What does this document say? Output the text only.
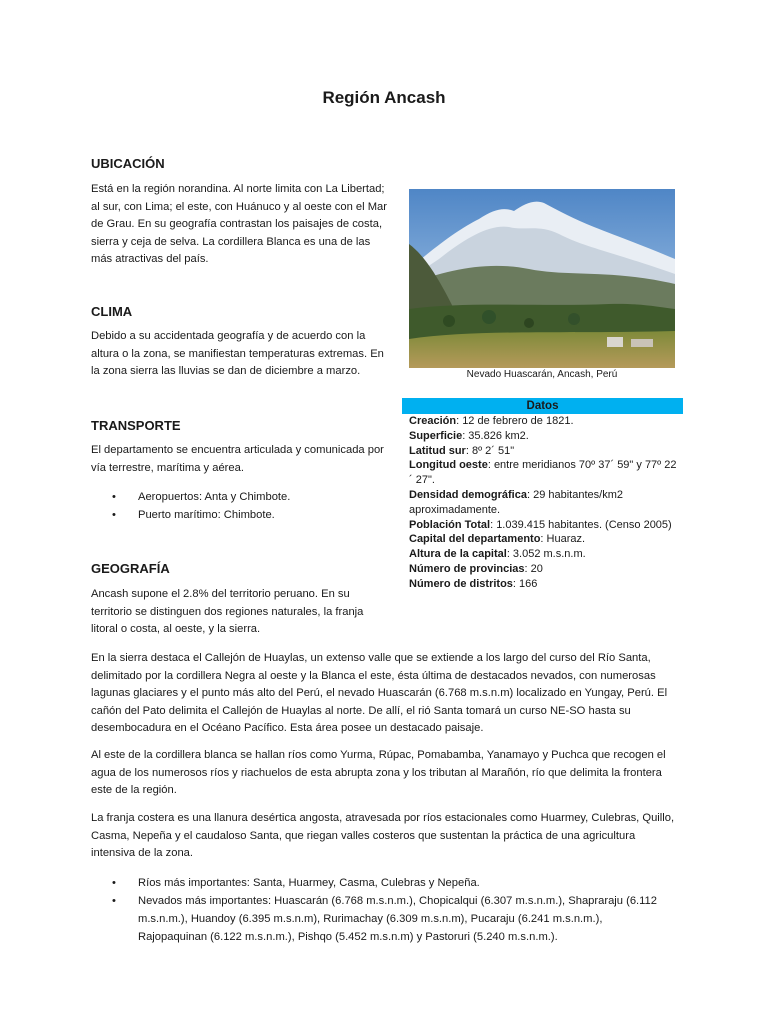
Región Ancash
UBICACIÓN

Está en la región norandina. Al norte limita con La Libertad; al sur, con Lima; el este, con Huánuco y al oeste con el Mar de Grau. En su geografía contrastan los paisajes de costa, sierra y ceja de selva. La cordillera Blanca es una de las más atractivas del país.

CLIMA

Debido a su accidentada geografía y de acuerdo con la altura o la zona, se manifiestan temperaturas extremas. En la zona sierra las lluvias se dan de diciembre a marzo.

TRANSPORTE

El departamento se encuentra articulada y comunicada por vía terrestre, marítima y aérea.

• Aeropuertos: Anta y Chimbote.
• Puerto marítimo: Chimbote.
GEOGRAFÍA

Ancash supone el 2.8% del territorio peruano. En su territorio se distinguen dos regiones naturales, la franja litoral o costa, al oeste, y la sierra.

En la sierra destaca el Callejón de Huaylas, un extenso valle que se extiende a los largo del curso del Río Santa, delimitado por la cordillera Negra al oeste y la Blanca el este, ésta última de destacados nevados, con numerosas lagunas glaciares y el punto más alto del Perú, el nevado Huascarán (6.768 m.s.n.m) localizado en Yungay, Perú. El cañón del Pato delimita el Callejón de Huaylas al norte. De allí, el rió Santa tomará un curso NE-SO hasta su desembocadura en el Océano Pacífico. Esta área posee un destacado paisaje.

Al este de la cordillera blanca se hallan ríos como Yurma, Rúpac, Pomabamba, Yanamayo y Puchca que recogen el agua de los numerosos ríos y riachuelos de esta abrupta zona y los tributan al Marañón, río que delimita la frontera este de la región.

La franja costera es una llanura desértica angosta, atravesada por ríos estacionales como Huarmey, Culebras, Quillo, Casma, Nepeña y el caudaloso Santa, que riegan valles costeros que sustentan la práctica de una agricultura intensiva de la zona.

• Ríos más importantes: Santa, Huarmey, Casma, Culebras y Nepeña.
• Nevados más importantes: Huascarán (6.768 m.s.n.m.), Chopicalqui (6.307 m.s.n.m.), Shapraraju (6.112 m.s.n.m.), Huandoy (6.395 m.s.n.m), Rurimachay (6.309 m.s.n.m), Pucaraju (6.241 m.s.n.m.), Rajopaquinan (6.122 m.s.n.m.), Pishqo (5.452 m.s.n.m) y Pastoruri (5.240 m.s.n.m.).
Nevado Huascarán, Ancash, Perú
Datos

Creación: 12 de febrero de 1821.

Superficie: 35.826 km2.

Latitud sur: 8º 2´ 51"

Longitud oeste: entre meridianos 70º 37´ 59" y 77º 22´ 27".

Densidad demográfica: 29 habitantes/km2 aproximadamente.

Población Total: 1.039.415 habitantes. (Censo 2005)

Capital del departamento: Huaraz.

Altura de la capital: 3.052 m.s.n.m.

Número de provincias: 20

Número de distritos: 166
